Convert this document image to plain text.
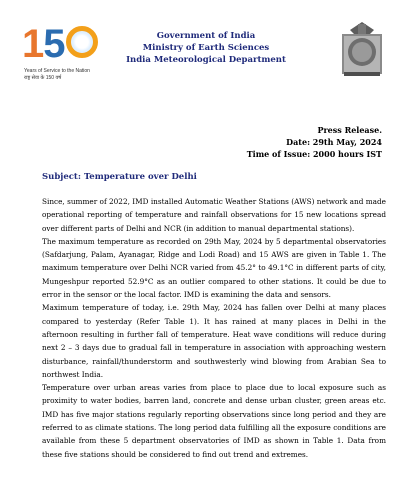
15
Years of Service to the Nation
राष्ट्र सेवा के 150 वर्ष
Government of India
Ministry of Earth Sciences
India Meteorological Department
Press Release.
Date: 29th May, 2024
Time of Issue: 2000 hours IST
Subject: Temperature over Delhi
Since, summer of 2022, IMD installed Automatic Weather Stations (AWS) network and made operational reporting of temperature and rainfall observations for 15 new locations spread over different parts of Delhi and NCR (in addition to manual departmental stations).
The maximum temperature as recorded on 29th May, 2024 by 5 departmental observatories (Safdarjung, Palam, Ayanagar, Ridge and Lodi Road) and 15 AWS are given in Table 1. The maximum temperature over Delhi NCR varied from 45.2° to 49.1°C in different parts of city, Mungeshpur reported 52.9°C as an outlier compared to other stations. It could be due to error in the sensor or the local factor. IMD is examining the data and sensors.
Maximum temperature of today, i.e. 29th May, 2024 has fallen over Delhi at many places compared to yesterday (Refer Table 1). It has rained at many places in Delhi in the afternoon resulting in further fall of temperature. Heat wave conditions will reduce during next 2 – 3 days due to gradual fall in temperature in association with approaching western disturbance, rainfall/thunderstorm and southwesterly wind blowing from Arabian Sea to northwest India.
Temperature over urban areas varies from place to place due to local exposure such as proximity to water bodies, barren land, concrete and dense urban cluster, green areas etc. IMD has five major stations regularly reporting observations since long period and they are referred to as climate stations. The long period data fulfilling all the exposure conditions are available from these 5 department observatories of IMD as shown in Table 1. Data from these five stations should be considered to find out trend and extremes.
